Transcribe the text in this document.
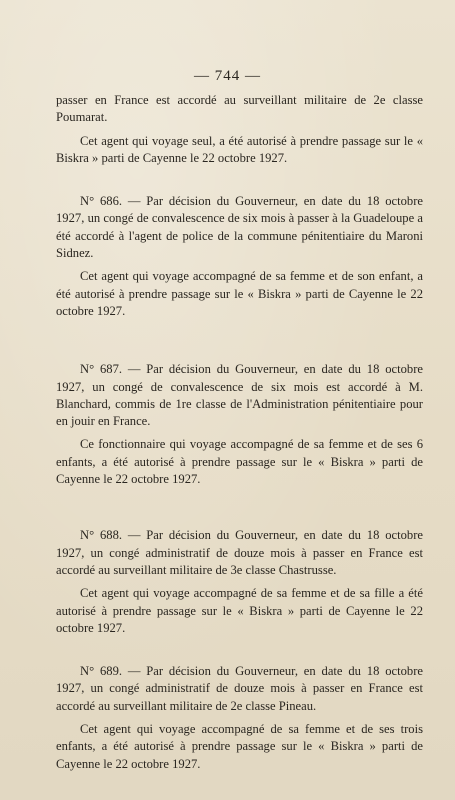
— 744 —

passer en France est accordé au surveillant militaire de 2e classe Poumarat.

Cet agent qui voyage seul, a été autorisé à prendre passage sur le « Biskra » parti de Cayenne le 22 octobre 1927.

N° 686. — Par décision du Gouverneur, en date du 18 octobre 1927, un congé de convalescence de six mois à passer à la Guadeloupe a été accordé à l'agent de police de la commune pénitentiaire du Maroni Sidnez.

Cet agent qui voyage accompagné de sa femme et de son enfant, a été autorisé à prendre passage sur le « Biskra » parti de Cayenne le 22 octobre 1927.

N° 687. — Par décision du Gouverneur, en date du 18 octobre 1927, un congé de convalescence de six mois est accordé à M. Blanchard, commis de 1re classe de l'Administration pénitentiaire pour en jouir en France.

Ce fonctionnaire qui voyage accompagné de sa femme et de ses 6 enfants, a été autorisé à prendre passage sur le « Biskra » parti de Cayenne le 22 octobre 1927.

N° 688. — Par décision du Gouverneur, en date du 18 octobre 1927, un congé administratif de douze mois à passer en France est accordé au surveillant militaire de 3e classe Chastrusse.

Cet agent qui voyage accompagné de sa femme et de sa fille a été autorisé à prendre passage sur le « Biskra » parti de Cayenne le 22 octobre 1927.

N° 689. — Par décision du Gouverneur, en date du 18 octobre 1927, un congé administratif de douze mois à passer en France est accordé au surveillant militaire de 2e classe Pineau.

Cet agent qui voyage accompagné de sa femme et de ses trois enfants, a été autorisé à prendre passage sur le « Biskra » parti de Cayenne le 22 octobre 1927.
